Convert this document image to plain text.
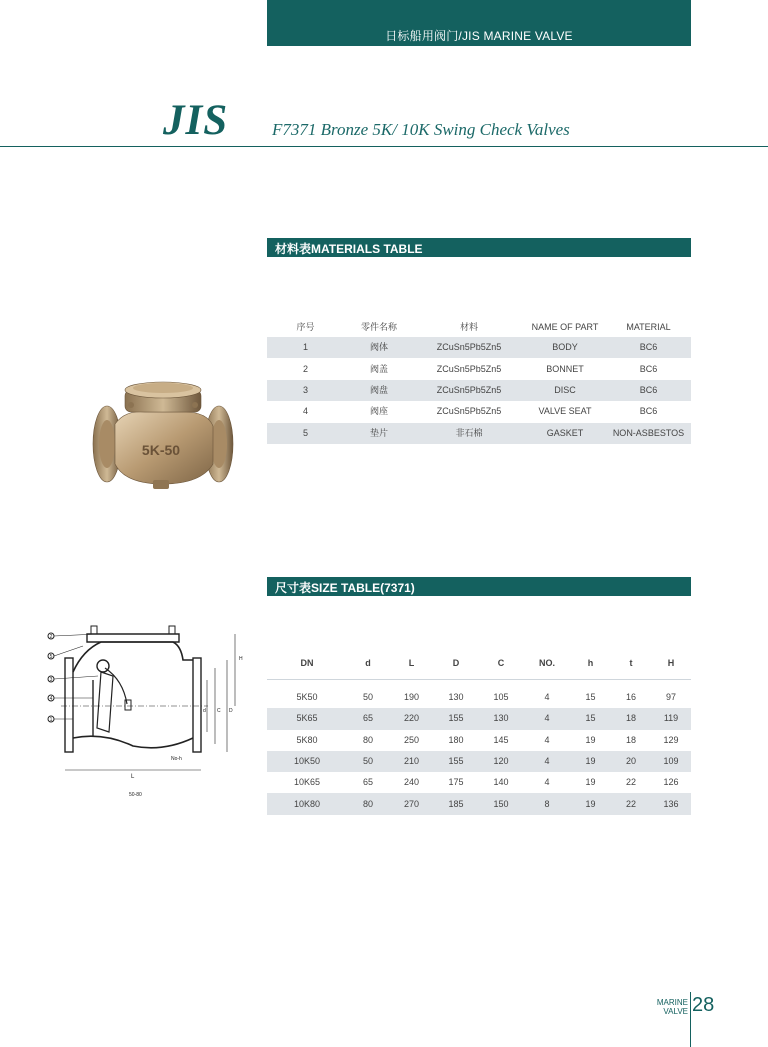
日标船用阀门/JIS MARINE VALVE
JIS	F7371 Bronze 5K/ 10K Swing Check Valves
材料表MATERIALS TABLE
序号	零件名称	材料	NAME OF PART	MATERIAL
1	阀体	ZCuSn5Pb5Zn5	BODY	BC6
2	阀盖	ZCuSn5Pb5Zn5	BONNET	BC6
3	阀盘	ZCuSn5Pb5Zn5	DISC	BC6
4	阀座	ZCuSn5Pb5Zn5	VALVE SEAT	BC6
5	垫片	非石棉	GASKET	NON-ASBESTOS
5K-50
尺寸表SIZE TABLE(7371)
DN	d	L	D	C	NO.	h	t	H

5K50	50	190	130	105	4	15	16	97
5K65	65	220	155	130	4	15	18	119
5K80	80	250	180	145	4	19	18	129
10K50	50	210	155	120	4	19	20	109
10K65	65	240	175	140	4	19	22	126
10K80	80	270	185	150	8	19	22	136
2
5
3
4
1
L
H
D
C
d
No-h
50-80
MARINE
VALVE 28
